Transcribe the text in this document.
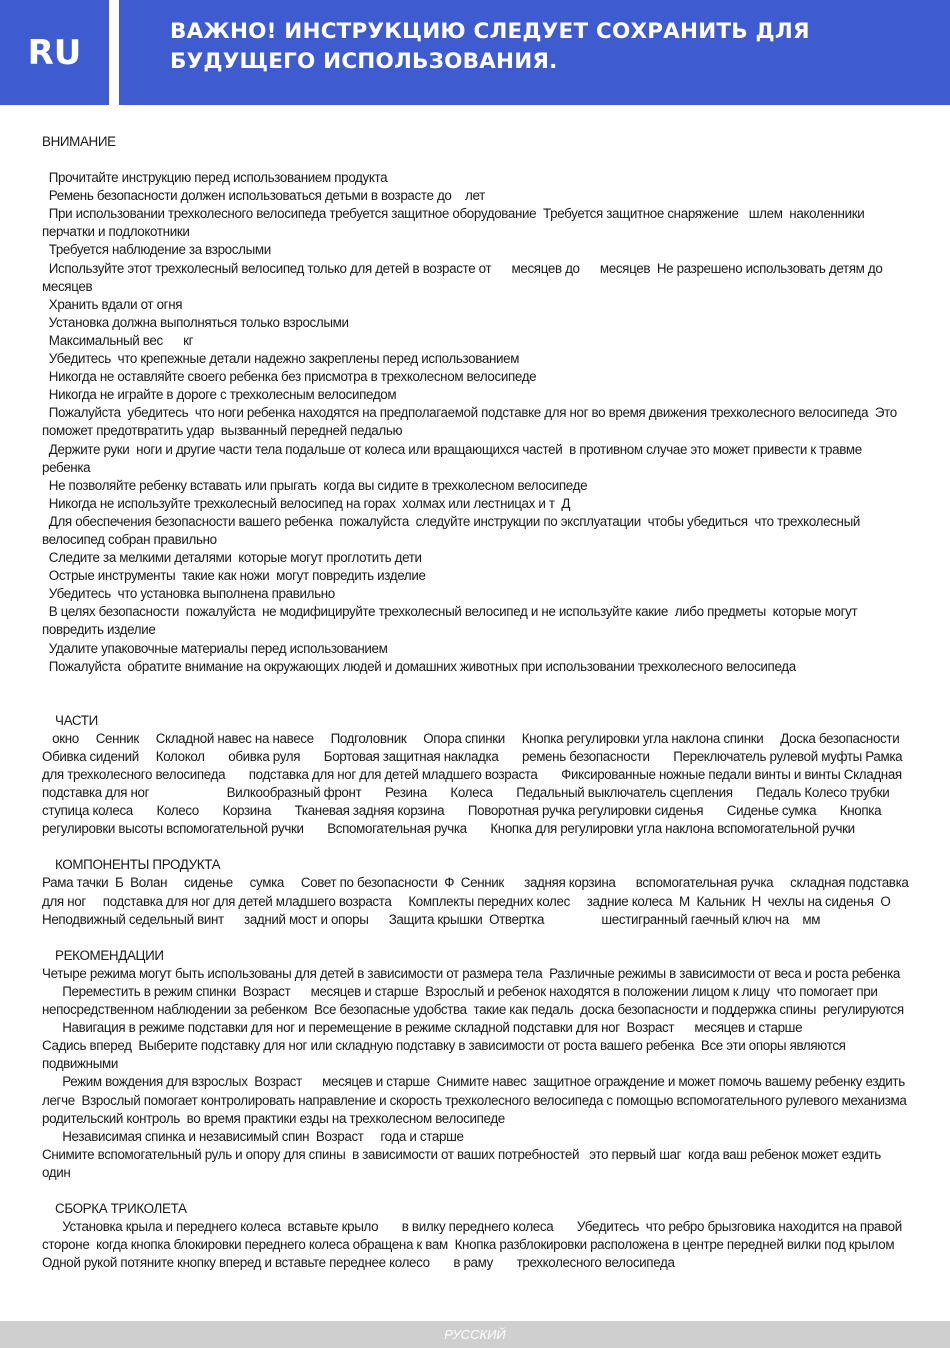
RU
ВАЖНО! ИНСТРУКЦИЮ СЛЕДУЕТ СОХРАНИТЬ ДЛЯ БУДУЩЕГО ИСПОЛЬЗОВАНИЯ.

ВНИМАНИЕ

Прочитайте инструкцию перед использованием продукта

Ремень безопасности должен использоваться детьми в возрасте до    лет

При использовании трехколесного велосипеда требуется защитное оборудование  Требуется защитное снаряжение   шлем  наколенники  перчатки и подлокотники

Требуется наблюдение за взрослыми

Используйте этот трехколесный велосипед только для детей в возрасте от      месяцев до      месяцев  Не разрешено использовать детям до      месяцев

Хранить вдали от огня

Установка должна выполняться только взрослыми

Максимальный вес      кг

Убедитесь  что крепежные детали надежно закреплены перед использованием

Никогда не оставляйте своего ребенка без присмотра в трехколесном велосипеде

Никогда не играйте в дороге с трехколесным велосипедом

Пожалуйста  убедитесь  что ноги ребенка находятся на предполагаемой подставке для ног во время движения трехколесного велосипеда  Это поможет предотвратить удар  вызванный передней педалью

Держите руки  ноги и другие части тела подальше от колеса или вращающихся частей  в противном случае это может привести к травме ребенка

Не позволяйте ребенку вставать или прыгать  когда вы сидите в трехколесном велосипеде

Никогда не используйте трехколесный велосипед на горах  холмах или лестницах и т  Д

Для обеспечения безопасности вашего ребенка  пожалуйста  следуйте инструкции по эксплуатации  чтобы убедиться  что трехколесный велосипед собран правильно

Следите за мелкими деталями  которые могут проглотить дети

Острые инструменты  такие как ножи  могут повредить изделие

Убедитесь  что установка выполнена правильно

В целях безопасности  пожалуйста  не модифицируйте трехколесный велосипед и не используйте какие  либо предметы  которые могут повредить изделие

Удалите упаковочные материалы перед использованием

Пожалуйста  обратите внимание на окружающих людей и домашних животных при использовании трехколесного велосипеда

ЧАСТИ

окно     Сенник     Складной навес на навесе     Подголовник     Опора спинки     Кнопка регулировки угла наклона спинки     Доска безопасности Обивка сидений     Колокол       обивка руля       Бортовая защитная накладка       ремень безопасности       Переключатель рулевой муфты Рамка для трехколесного велосипеда       подставка для ног для детей младшего возраста       Фиксированные ножные педали винты и винты Складная подставка для ног                       Вилкообразный фронт       Резина       Колеса       Педальный выключатель сцепления       Педаль Колесо трубки       ступица колеса       Колесо       Корзина       Тканевая задняя корзина       Поворотная ручка регулировки сиденья       Сиденье сумка       Кнопка регулировки высоты вспомогательной ручки       Вспомогательная ручка       Кнопка для регулировки угла наклона вспомогательной ручки

КОМПОНЕНТЫ ПРОДУКТА

Рама тачки  Б  Волан     сиденье     сумка     Совет по безопасности  Ф  Сенник      задняя корзина      вспомогательная ручка     складная подставка для ног     подставка для ног для детей младшего возраста     Комплекты передних колес     задние колеса  М  Кальник  Н  чехлы на сиденья  О Неподвижный седельный винт      задний мост и опоры      Защита крышки  Отвертка                 шестигранный гаечный ключ на    мм

РЕКОМЕНДАЦИИ

Четыре режима могут быть использованы для детей в зависимости от размера тела  Различные режимы в зависимости от веса и роста ребенка

Переместить в режим спинки  Возраст      месяцев и старше  Взрослый и ребенок находятся в положении лицом к лицу  что помогает при непосредственном наблюдении за ребенком  Все безопасные удобства  такие как педаль  доска безопасности и поддержка спины  регулируются

Навигация в режиме подставки для ног и перемещение в режиме складной подставки для ног  Возраст      месяцев и старше

Садись вперед  Выберите подставку для ног или складную подставку в зависимости от роста вашего ребенка  Все эти опоры являются подвижными

Режим вождения для взрослых  Возраст      месяцев и старше  Снимите навес  защитное ограждение и может помочь вашему ребенку ездить легче  Взрослый помогает контролировать направление и скорость трехколесного велосипеда с помощью вспомогательного рулевого механизма    родительский контроль  во время практики езды на трехколесном велосипеде

Независимая спинка и независимый спин  Возраст     года и старше

Снимите вспомогательный руль и опору для спины  в зависимости от ваших потребностей   это первый шаг  когда ваш ребенок может ездить один

СБОРКА ТРИКОЛЕТА

Установка крыла и переднего колеса  вставьте крыло       в вилку переднего колеса       Убедитесь  что ребро брызговика находится на правой стороне  когда кнопка блокировки переднего колеса обращена к вам  Кнопка разблокировки расположена в центре передней вилки под крылом Одной рукой потяните кнопку вперед и вставьте переднее колесо       в раму       трехколесного велосипеда

РУССКИЙ
